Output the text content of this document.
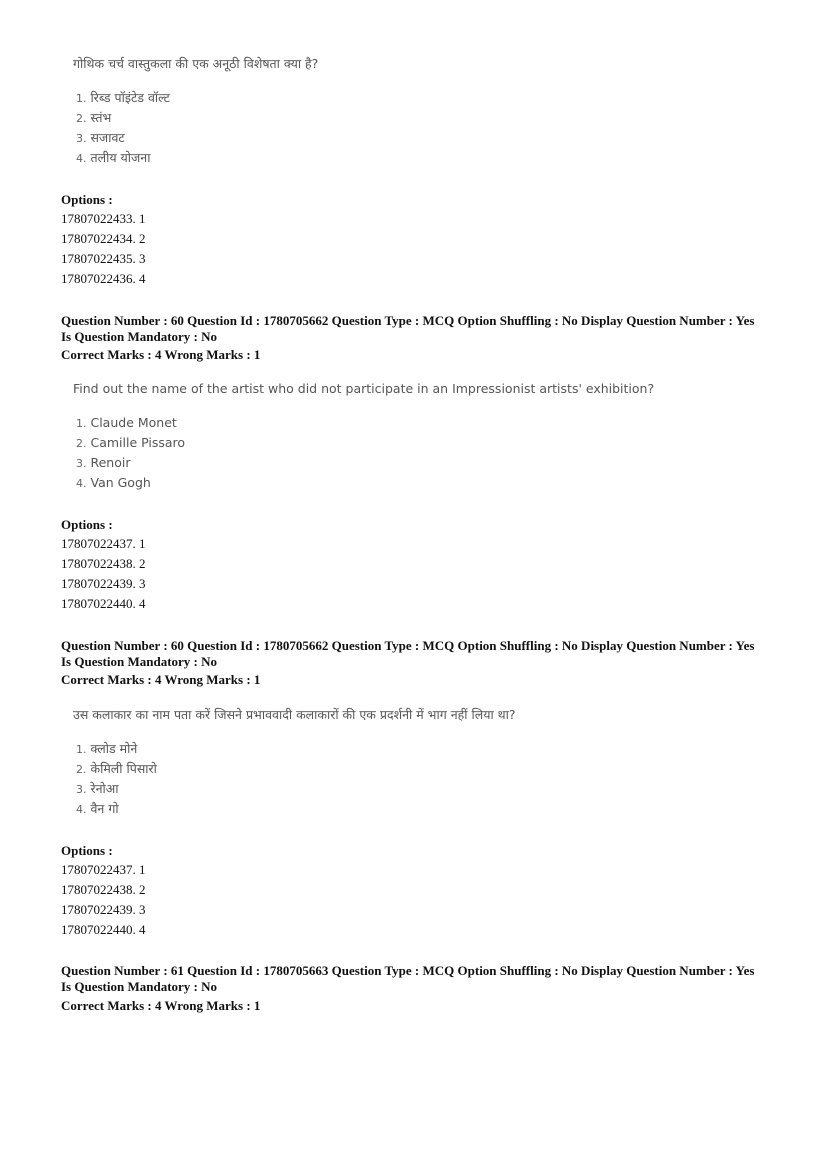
गोथिक चर्च वास्तुकला की एक अनूठी विशेषता क्या है?
1. रिब्ड पॉइंटेड वॉल्ट
2. स्तंभ
3. सजावट
4. तलीय योजना
Options :
17807022433. 1
17807022434. 2
17807022435. 3
17807022436. 4
Question Number : 60 Question Id : 1780705662 Question Type : MCQ Option Shuffling : No Display Question Number : Yes
Is Question Mandatory : No
Correct Marks : 4 Wrong Marks : 1
Find out the name of the artist who did not participate in an Impressionist artists' exhibition?
1. Claude Monet
2. Camille Pissaro
3. Renoir
4. Van Gogh
Options :
17807022437. 1
17807022438. 2
17807022439. 3
17807022440. 4
Question Number : 60 Question Id : 1780705662 Question Type : MCQ Option Shuffling : No Display Question Number : Yes
Is Question Mandatory : No
Correct Marks : 4 Wrong Marks : 1
उस कलाकार का नाम पता करें जिसने प्रभाववादी कलाकारों की एक प्रदर्शनी में भाग नहीं लिया था?
1. क्लोड मोने
2. केमिली पिसारो
3. रेनोआ
4. वैन गो
Options :
17807022437. 1
17807022438. 2
17807022439. 3
17807022440. 4
Question Number : 61 Question Id : 1780705663 Question Type : MCQ Option Shuffling : No Display Question Number : Yes
Is Question Mandatory : No
Correct Marks : 4 Wrong Marks : 1
